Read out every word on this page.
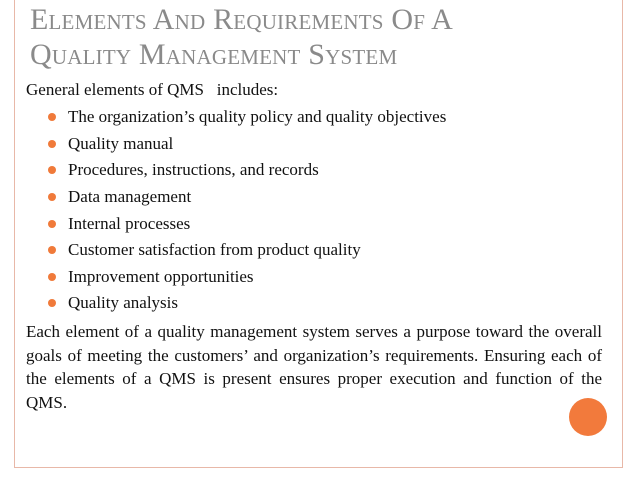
Elements And Requirements Of A
Quality Management System

General elements of QMS   includes:

The organization’s quality policy and quality objectives
Quality manual
Procedures, instructions, and records
Data management
Internal processes
Customer satisfaction from product quality
Improvement opportunities
Quality analysis

Each element of a quality management system serves a purpose toward the overall goals of meeting the customers’ and organization’s requirements. Ensuring each of the elements of a QMS is present ensures proper execution and function of the QMS.
